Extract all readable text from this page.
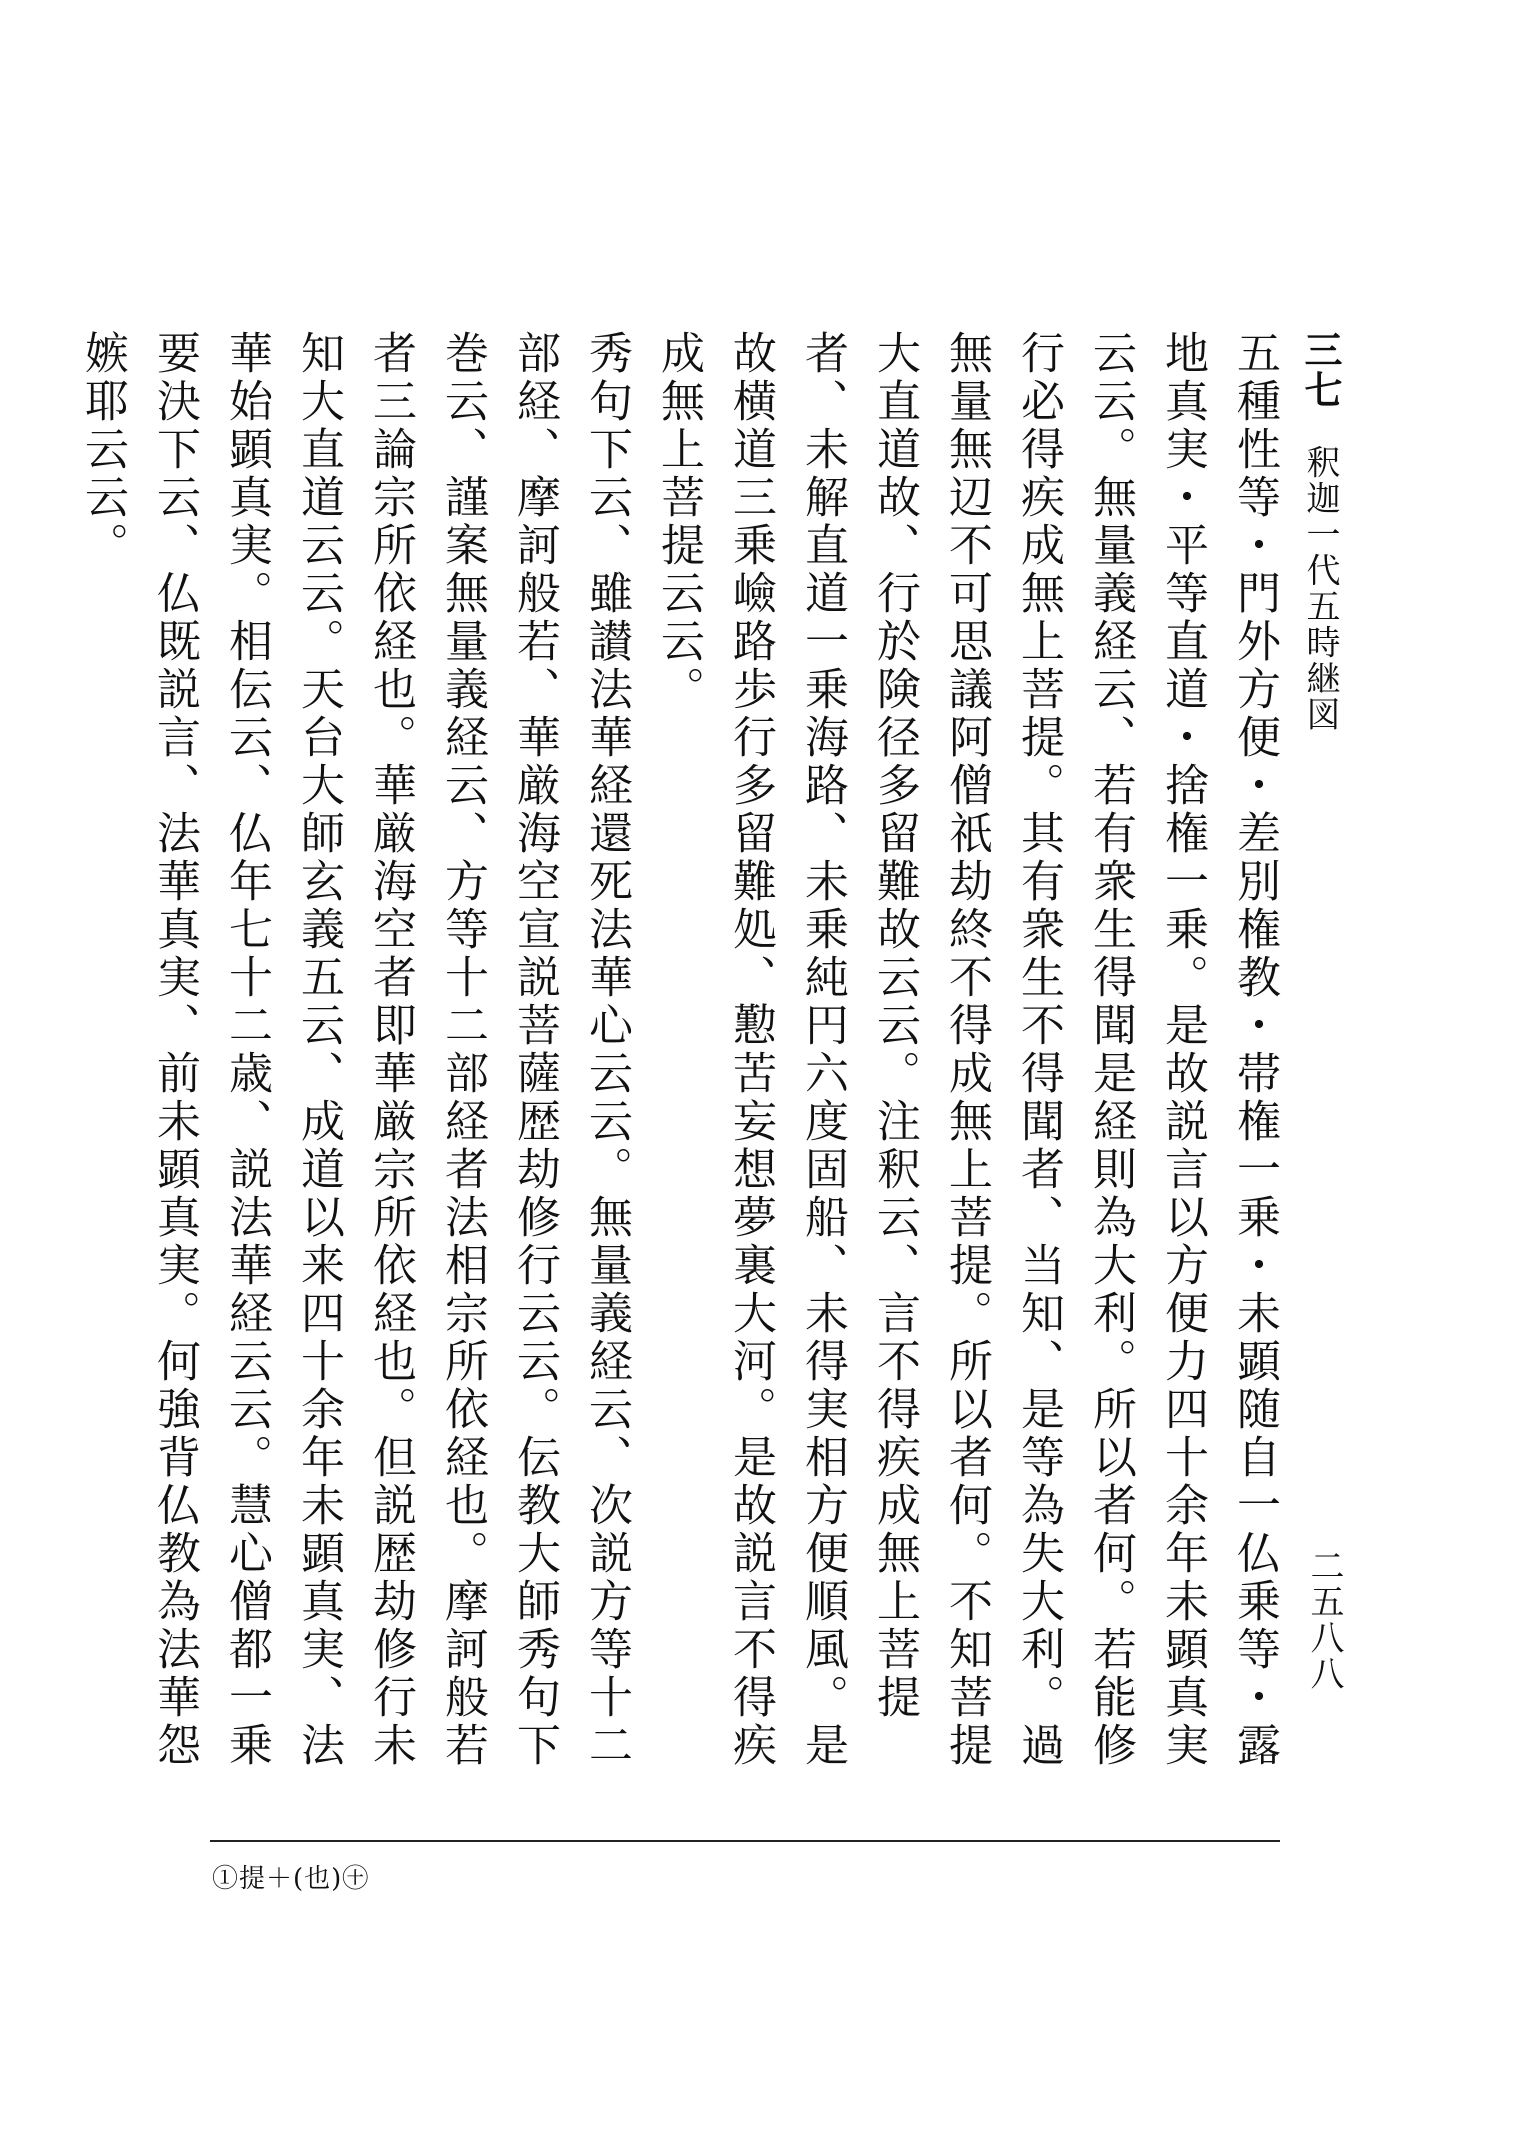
三七 釈迦一代五時継図
二五八八

五種性等・門外方便・差別権教・帯権一乗・未顕随自一仏乗等・露地真実・平等直道・捨権一乗。是故説言以方便力四十余年未顕真実云云。無量義経云、若有衆生得聞是経則為大利。所以者何。若能修行必得疾成無上菩提。其有衆生不得聞者、当知、是等為失大利。過無量無辺不可思議阿僧祇劫終不得成無上菩提。所以者何。不知菩提大直道故、行於険径多留難故云云。注釈云、言不得疾成無上菩提者、未解直道一乗海路、未乗純円六度固船、未得実相方便順風。是故横道三乗嶮路歩行多留難処、懃苦妄想夢裏大河。是故説言不得疾成無上菩提云云。

秀句下云、雖讃法華経還死法華心云云。無量義経云、次説方等十二部経、摩訶般若、華厳海空宣説菩薩歴劫修行云云。伝教大師秀句下巻云、謹案無量義経云、方等十二部経者法相宗所依経也。摩訶般若者三論宗所依経也。華厳海空者即華厳宗所依経也。但説歴劫修行未知大直道云云。天台大師玄義五云、成道以来四十余年未顕真実、法華始顕真実。相伝云、仏年七十二歳、説法華経云云。慧心僧都一乗要決下云、仏既説言、法華真実、前未顕真実。何強背仏教為法華怨嫉耶云云。

①提＋(也)㊉
